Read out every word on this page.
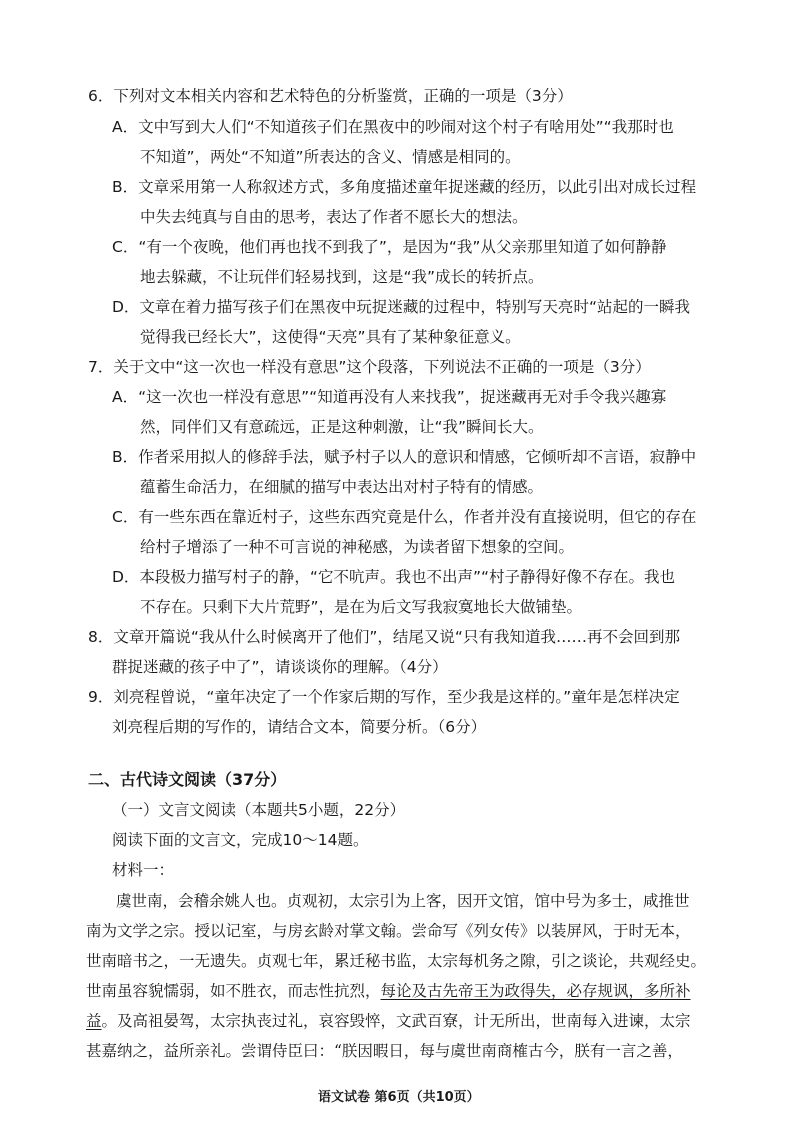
6．下列对文本相关内容和艺术特色的分析鉴赏，正确的一项是（3分）
A．文中写到大人们“不知道孩子们在黑夜中的吵闹对这个村子有啥用处”“我那时也
不知道”，两处“不知道”所表达的含义、情感是相同的。
B．文章采用第一人称叙述方式，多角度描述童年捉迷藏的经历，以此引出对成长过程
中失去纯真与自由的思考，表达了作者不愿长大的想法。
C．“有一个夜晚，他们再也找不到我了”，是因为“我”从父亲那里知道了如何静静
地去躲藏，不让玩伴们轻易找到，这是“我”成长的转折点。
D．文章在着力描写孩子们在黑夜中玩捉迷藏的过程中，特别写天亮时“站起的一瞬我
觉得我已经长大”，这使得“天亮”具有了某种象征意义。
7．关于文中“这一次也一样没有意思”这个段落，下列说法不正确的一项是（3分）
A．“这一次也一样没有意思”“知道再没有人来找我”，捉迷藏再无对手令我兴趣寡
然，同伴们又有意疏远，正是这种刺激，让“我”瞬间长大。
B．作者采用拟人的修辞手法，赋予村子以人的意识和情感，它倾听却不言语，寂静中
蕴蓄生命活力，在细腻的描写中表达出对村子特有的情感。
C．有一些东西在靠近村子，这些东西究竟是什么，作者并没有直接说明，但它的存在
给村子增添了一种不可言说的神秘感，为读者留下想象的空间。
D．本段极力描写村子的静，“它不吭声。我也不出声”“村子静得好像不存在。我也
不存在。只剩下大片荒野”，是在为后文写我寂寞地长大做铺垫。
8．文章开篇说“我从什么时候离开了他们”，结尾又说“只有我知道我……再不会回到那
群捉迷藏的孩子中了”，请谈谈你的理解。（4分）
9．刘亮程曾说，“童年决定了一个作家后期的写作，至少我是这样的。”童年是怎样决定
刘亮程后期的写作的，请结合文本，简要分析。（6分）
二、古代诗文阅读（37分）
（一）文言文阅读（本题共5小题，22分）
阅读下面的文言文，完成10～14题。
材料一：
虞世南，会稽余姚人也。贞观初，太宗引为上客，因开文馆，馆中号为多士，咸推世
南为文学之宗。授以记室，与房玄龄对掌文翰。尝命写《列女传》以装屏风，于时无本，
世南暗书之，一无遗失。贞观七年，累迁秘书监，太宗每机务之隙，引之谈论，共观经史。
世南虽容貌懦弱，如不胜衣，而志性抗烈，每论及古先帝王为政得失，必存规讽，多所补
益。及高祖晏驾，太宗执丧过礼，哀容毁悴，文武百寮，计无所出，世南每入进谏，太宗
甚嘉纳之，益所亲礼。尝谓侍臣曰：“朕因暇日，每与虞世南商榷古今，朕有一言之善，
语文试卷 第6页（共10页）
